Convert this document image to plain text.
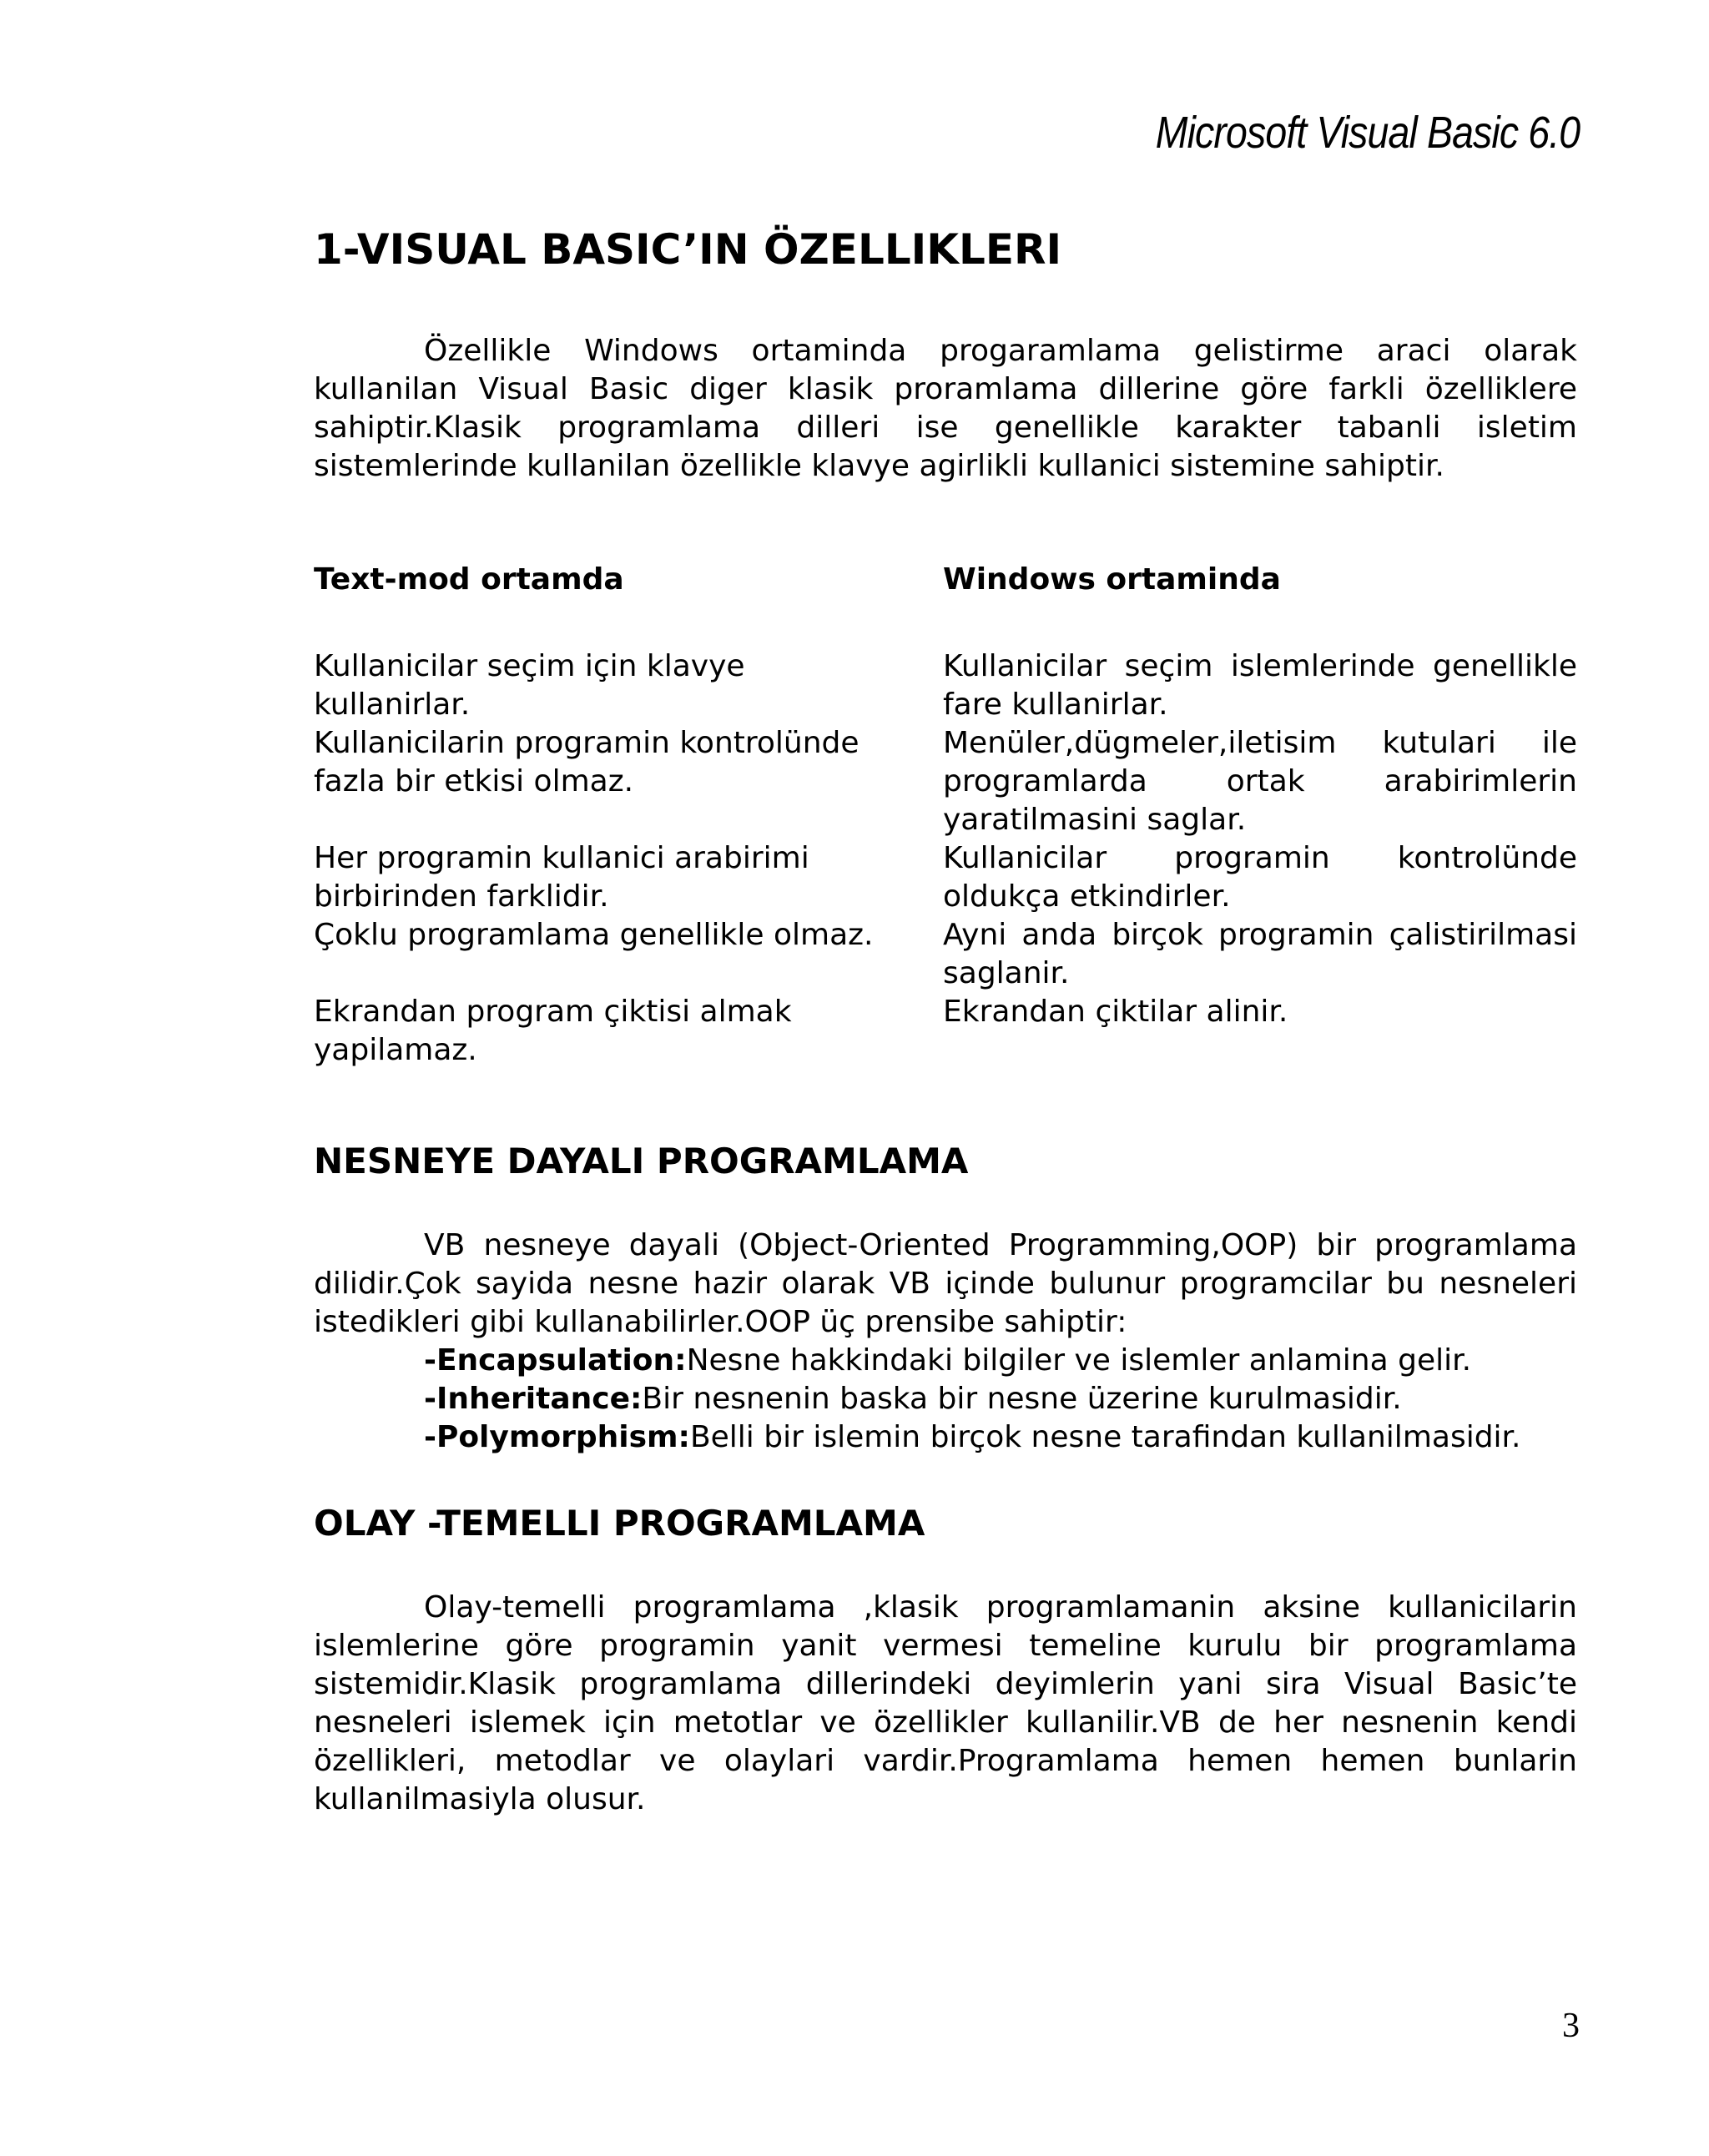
Microsoft Visual Basic 6.0
1-VISUAL BASIC’IN ÖZELLIKLERI

Özellikle Windows ortaminda progaramlama gelistirme araci olarak kullanilan Visual Basic diger klasik proramlama dillerine göre farkli özelliklere sahiptir.Klasik programlama dilleri ise genellikle karakter tabanli isletim sistemlerinde kullanilan özellikle klavye agirlikli kullanici sistemine sahiptir.

Text-mod ortamda

Kullanicilar seçim için klavye kullanirlar.

Kullanicilarin programin kontrolünde fazla bir etkisi olmaz.

Her programin kullanici arabirimi birbirinden farklidir.

Çoklu programlama genellikle olmaz.

Ekrandan program çiktisi almak yapilamaz.

Windows ortaminda

Kullanicilar seçim islemlerinde genellikle fare kullanirlar.

Menüler,dügmeler,iletisim kutulari ile programlarda ortak arabirimlerin yaratilmasini saglar.

Kullanicilar programin kontrolünde oldukça etkindirler.

Ayni anda birçok programin çalistirilmasi saglanir.

Ekrandan çiktilar alinir.

NESNEYE DAYALI PROGRAMLAMA

VB nesneye dayali (Object-Oriented Programming,OOP) bir programlama dilidir.Çok sayida nesne hazir olarak VB içinde bulunur programcilar bu nesneleri istedikleri gibi kullanabilirler.OOP üç prensibe sahiptir:

-Encapsulation:Nesne hakkindaki bilgiler ve islemler anlamina gelir.

-Inheritance:Bir nesnenin baska bir nesne üzerine kurulmasidir.

-Polymorphism:Belli bir islemin birçok nesne tarafindan kullanilmasidir.

OLAY -TEMELLI PROGRAMLAMA

Olay-temelli programlama ,klasik programlamanin aksine kullanicilarin islemlerine göre programin yanit vermesi temeline kurulu bir programlama sistemidir.Klasik programlama dillerindeki deyimlerin yani sira Visual Basic’te nesneleri islemek için metotlar ve özellikler kullanilir.VB de her nesnenin kendi özellikleri, metodlar ve olaylari vardir.Programlama hemen hemen bunlarin kullanilmasiyla olusur.

3
